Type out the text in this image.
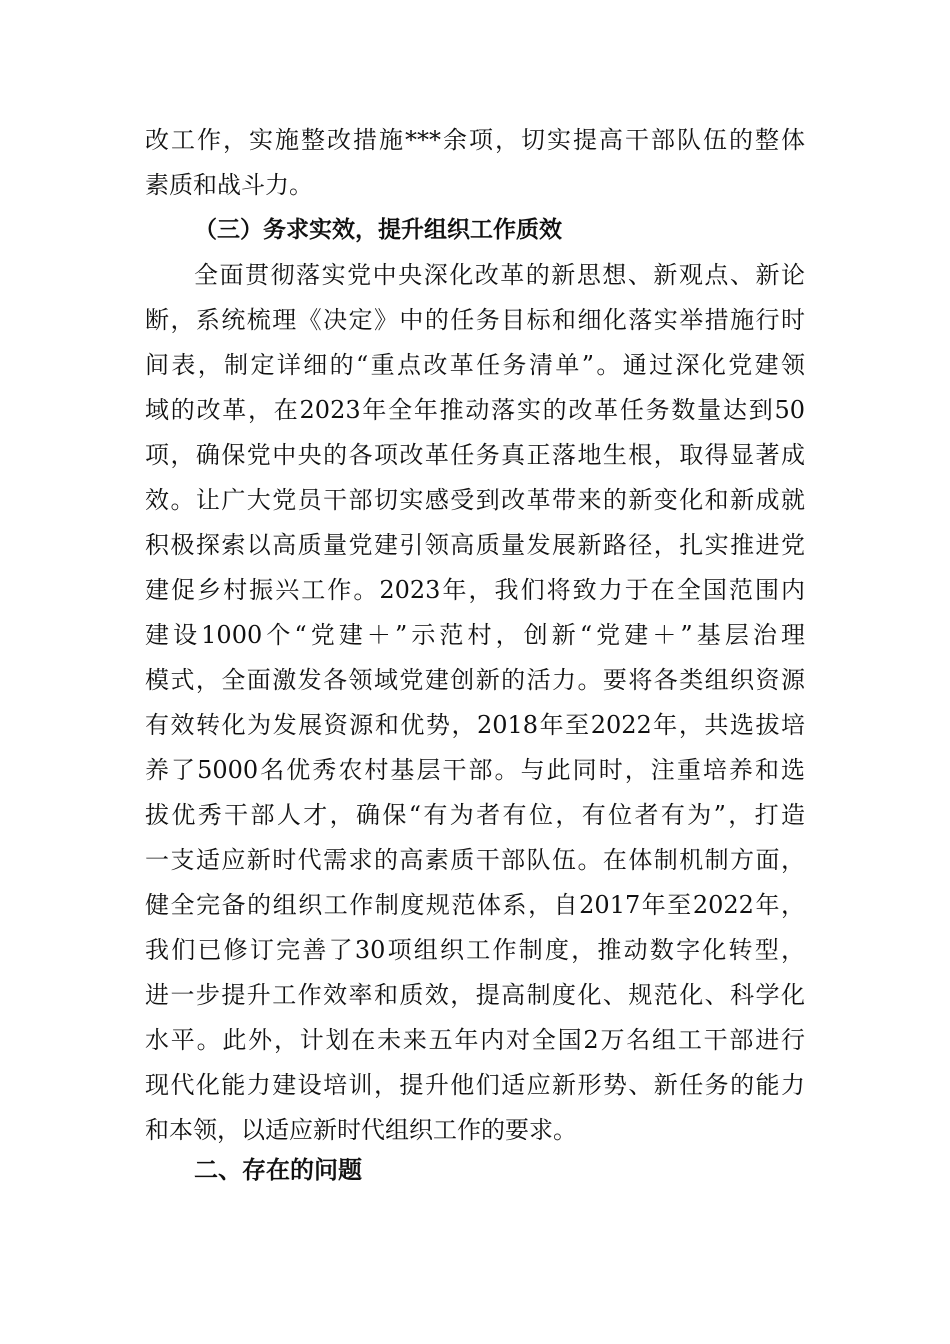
改工作，实施整改措施***余项，切实提高干部队伍的整体
素质和战斗力。
（三）务求实效，提升组织工作质效
全面贯彻落实党中央深化改革的新思想、新观点、新论
断，系统梳理《决定》中的任务目标和细化落实举措施行时
间表，制定详细的“重点改革任务清单”。通过深化党建领
域的改革，在2023年全年推动落实的改革任务数量达到50
项，确保党中央的各项改革任务真正落地生根，取得显著成
效。让广大党员干部切实感受到改革带来的新变化和新成就
积极探索以高质量党建引领高质量发展新路径，扎实推进党
建促乡村振兴工作。2023年，我们将致力于在全国范围内
建设1000个“党建＋”示范村，创新“党建＋”基层治理
模式，全面激发各领域党建创新的活力。要将各类组织资源
有效转化为发展资源和优势，2018年至2022年，共选拔培
养了5000名优秀农村基层干部。与此同时，注重培养和选
拔优秀干部人才，确保“有为者有位，有位者有为”，打造
一支适应新时代需求的高素质干部队伍。在体制机制方面，
健全完备的组织工作制度规范体系，自2017年至2022年，
我们已修订完善了30项组织工作制度，推动数字化转型，
进一步提升工作效率和质效，提高制度化、规范化、科学化
水平。此外，计划在未来五年内对全国2万名组工干部进行
现代化能力建设培训，提升他们适应新形势、新任务的能力
和本领，以适应新时代组织工作的要求。
二、存在的问题
